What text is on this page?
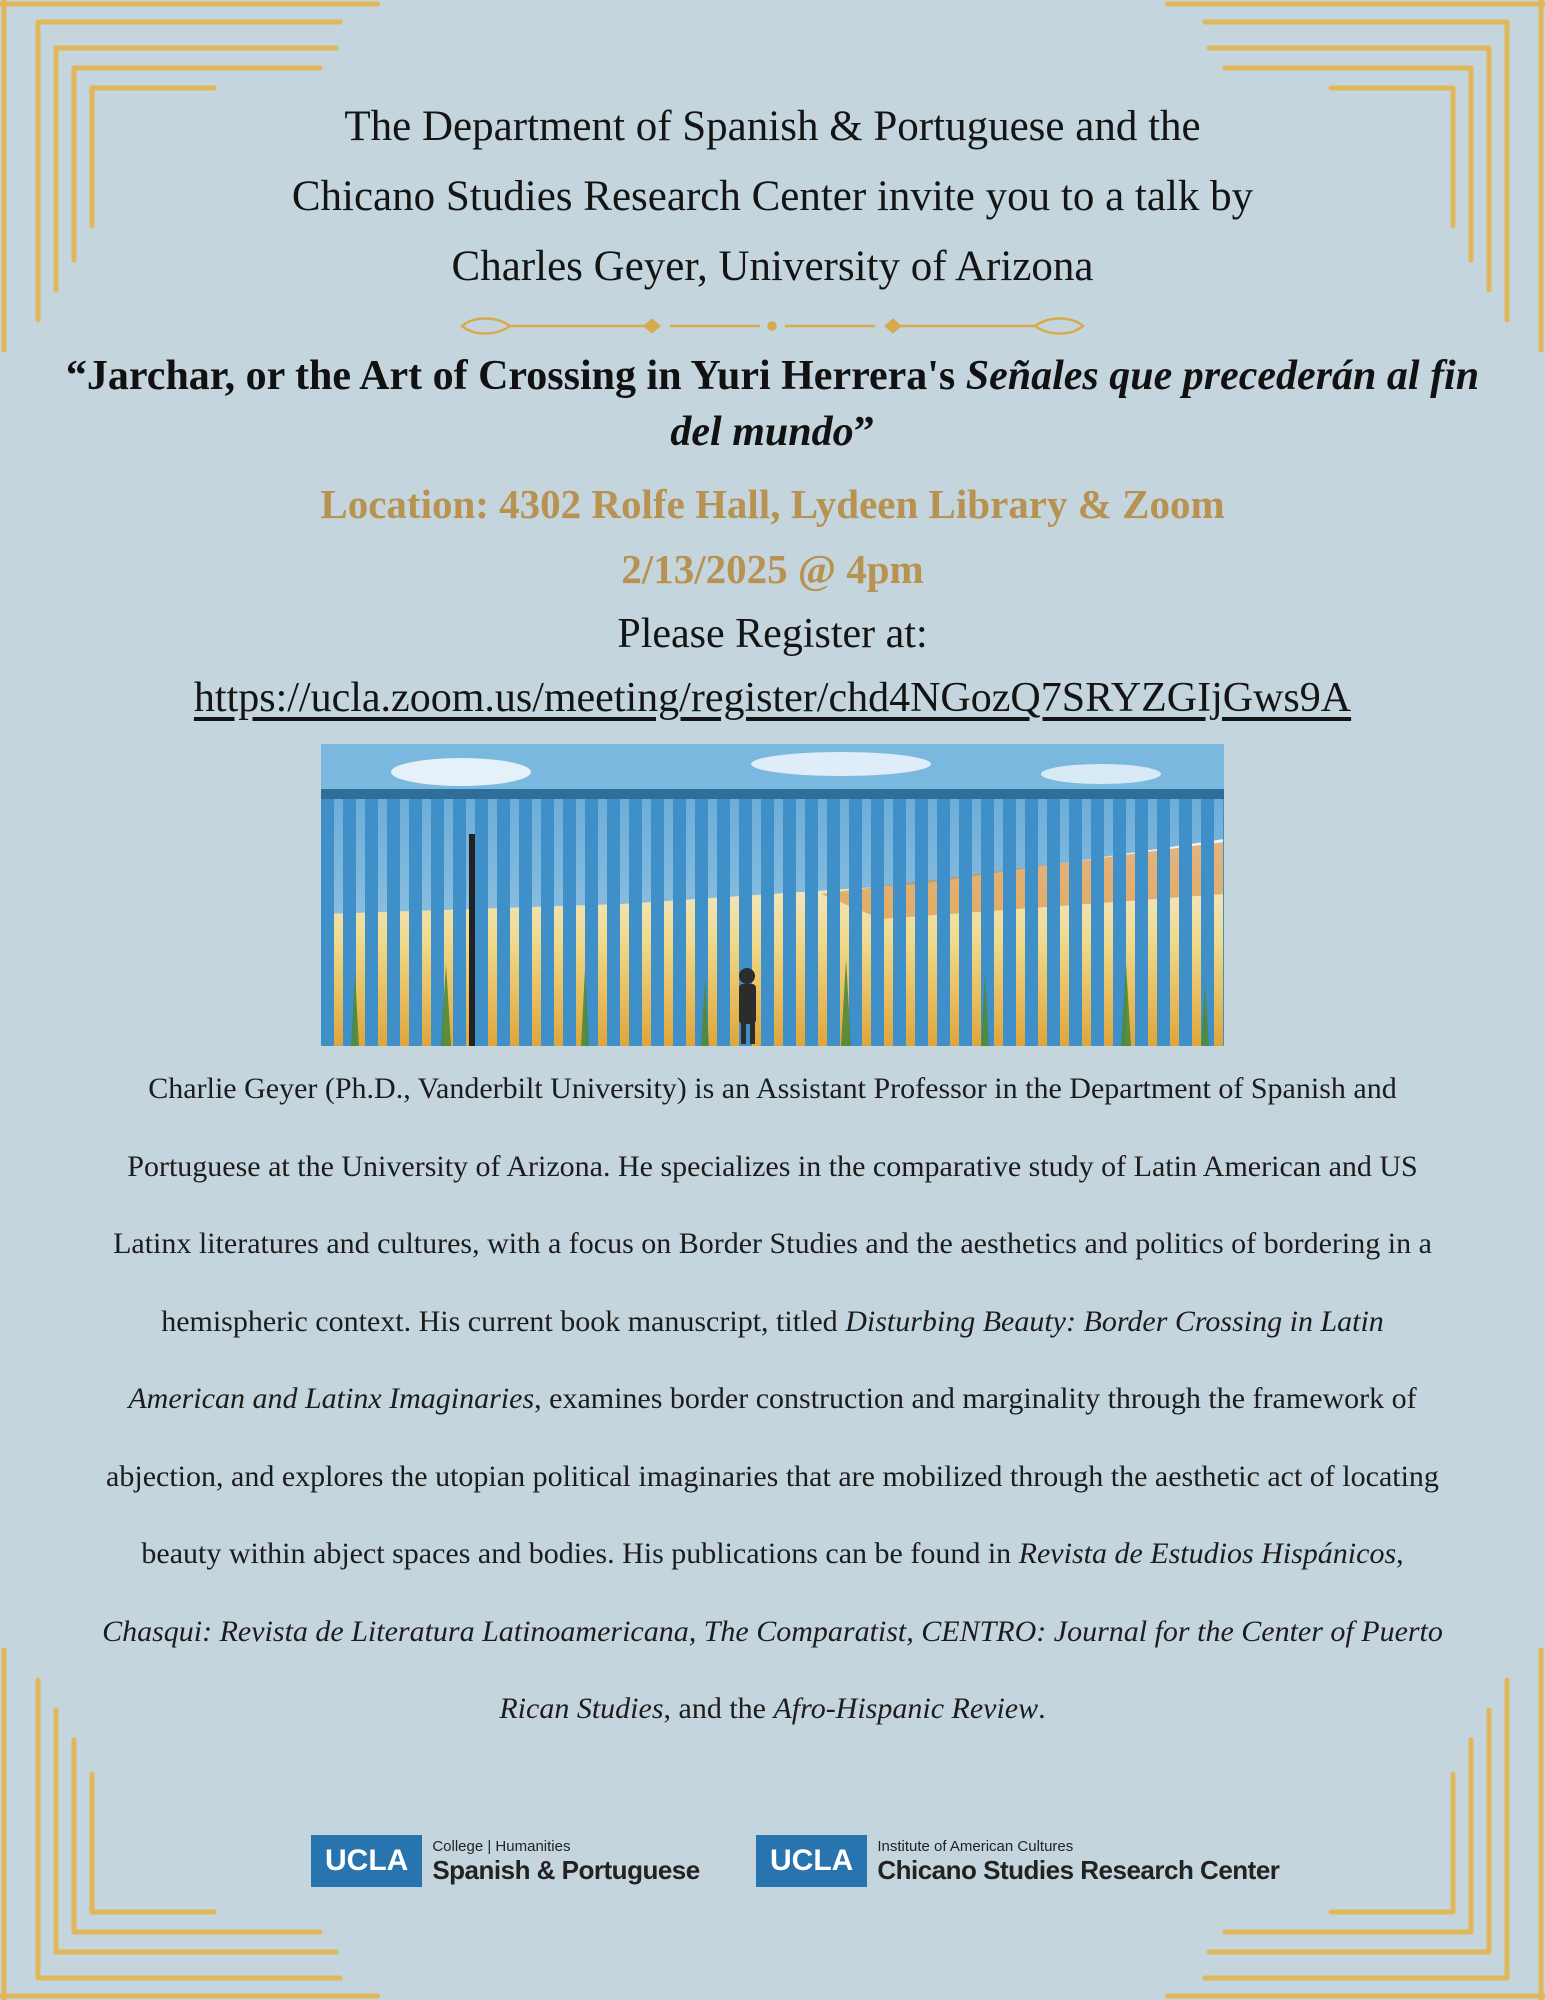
The Department of Spanish & Portuguese and the
Chicano Studies Research Center invite you to a talk by
Charles Geyer, University of Arizona
“Jarchar, or the Art of Crossing in Yuri Herrera's Señales que precederán al fin del mundo”
Location: 4302 Rolfe Hall, Lydeen Library & Zoom
2/13/2025 @ 4pm
Please Register at:
https://ucla.zoom.us/meeting/register/chd4NGozQ7SRYZGIjGws9A
Charlie Geyer (Ph.D., Vanderbilt University) is an Assistant Professor in the Department of Spanish and Portuguese at the University of Arizona. He specializes in the comparative study of Latin American and US Latinx literatures and cultures, with a focus on Border Studies and the aesthetics and politics of bordering in a hemispheric context. His current book manuscript, titled Disturbing Beauty: Border Crossing in Latin American and Latinx Imaginaries, examines border construction and marginality through the framework of abjection, and explores the utopian political imaginaries that are mobilized through the aesthetic act of locating beauty within abject spaces and bodies. His publications can be found in Revista de Estudios Hispánicos, Chasqui: Revista de Literatura Latinoamericana, The Comparatist, CENTRO: Journal for the Center of Puerto Rican Studies, and the Afro-Hispanic Review.
UCLA	College | Humanities
Spanish & Portuguese	UCLA	Institute of American Cultures
Chicano Studies Research Center
